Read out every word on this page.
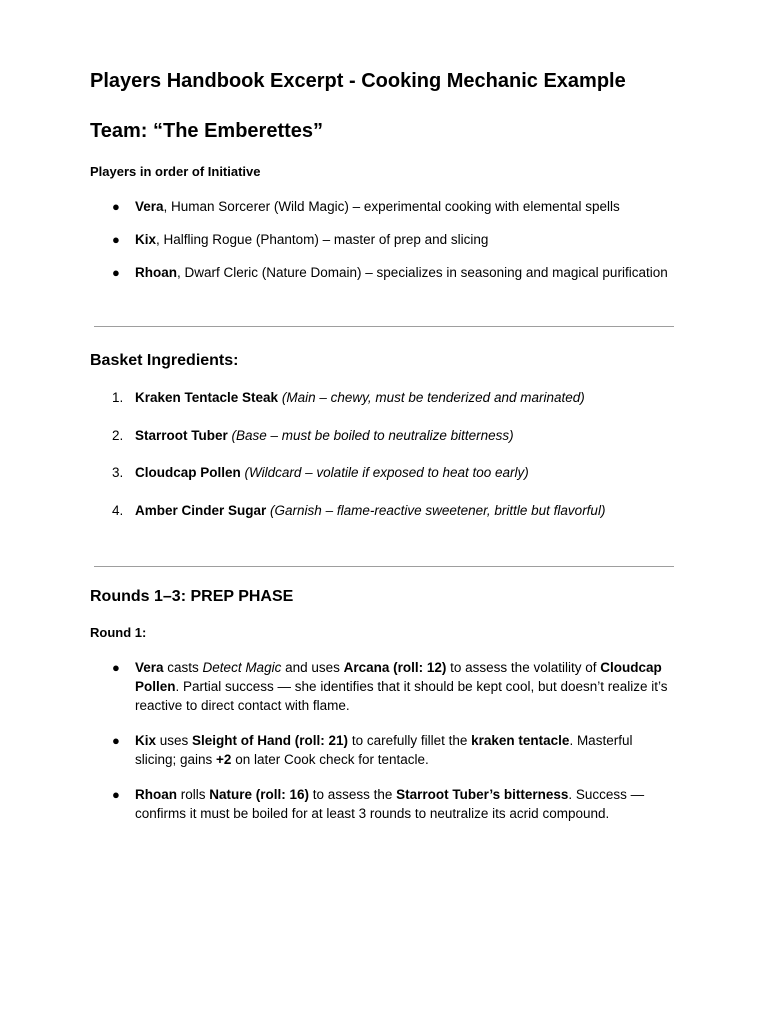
Players Handbook Excerpt - Cooking Mechanic Example
Team: “The Emberettes”

Players in order of Initiative

● Vera, Human Sorcerer (Wild Magic) – experimental cooking with elemental spells
● Kix, Halfling Rogue (Phantom) – master of prep and slicing
● Rhoan, Dwarf Cleric (Nature Domain) – specializes in seasoning and magical purification

Basket Ingredients:

1. Kraken Tentacle Steak (Main – chewy, must be tenderized and marinated)
2. Starroot Tuber (Base – must be boiled to neutralize bitterness)
3. Cloudcap Pollen (Wildcard – volatile if exposed to heat too early)
4. Amber Cinder Sugar (Garnish – flame-reactive sweetener, brittle but flavorful)

Rounds 1–3: PREP PHASE

Round 1:

● Vera casts Detect Magic and uses Arcana (roll: 12) to assess the volatility of Cloudcap Pollen. Partial success — she identifies that it should be kept cool, but doesn’t realize it’s reactive to direct contact with flame.
● Kix uses Sleight of Hand (roll: 21) to carefully fillet the kraken tentacle. Masterful slicing; gains +2 on later Cook check for tentacle.
● Rhoan rolls Nature (roll: 16) to assess the Starroot Tuber’s bitterness. Success — confirms it must be boiled for at least 3 rounds to neutralize its acrid compound.
